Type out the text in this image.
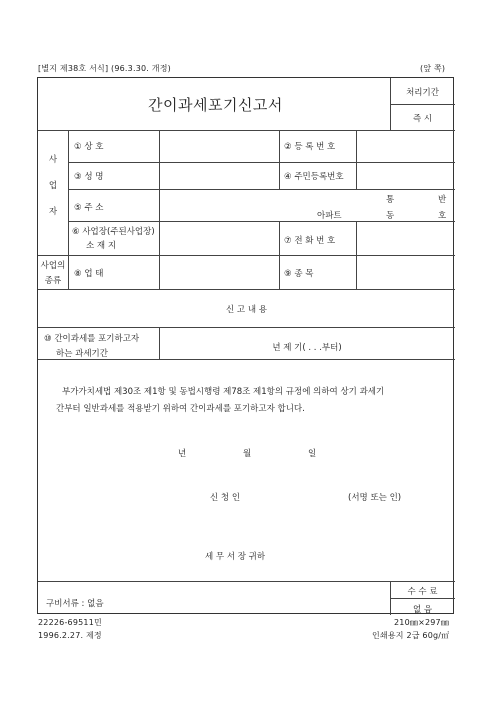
[별지 제38호 서식] (96.3.30. 개정)	(앞 쪽)
간이과세포기신고서
처리기간
즉 시
사
업
자
① 상 호	② 등 록 번 호
③ 성 명	④ 주민등록번호
⑤ 주 소
통	반
아파트	동	호
⑥ 사업장(주된사업장)
소 재 지	⑦ 전 화 번 호
사업의
종류
⑧ 업 태	⑨ 종 목
신 고 내 용
⑩ 간이과세를 포기하고자
하는 과세기간
년 제 기( . . .부터)
부가가치세법 제30조 제1항 및 동법시행령 제78조 제1항의 규정에 의하여 상기 과세기
간부터 일반과세를 적용받기 위하여 간이과세를 포기하고자 합니다.
년	월	일
신 청 인	(서명 또는 인)
세 무 서 장 귀하
구비서류 : 없음
수 수 료
없 음
22226-69511민
1996.2.27. 제정
210㎜×297㎜
인쇄용지 2급 60g/㎡
